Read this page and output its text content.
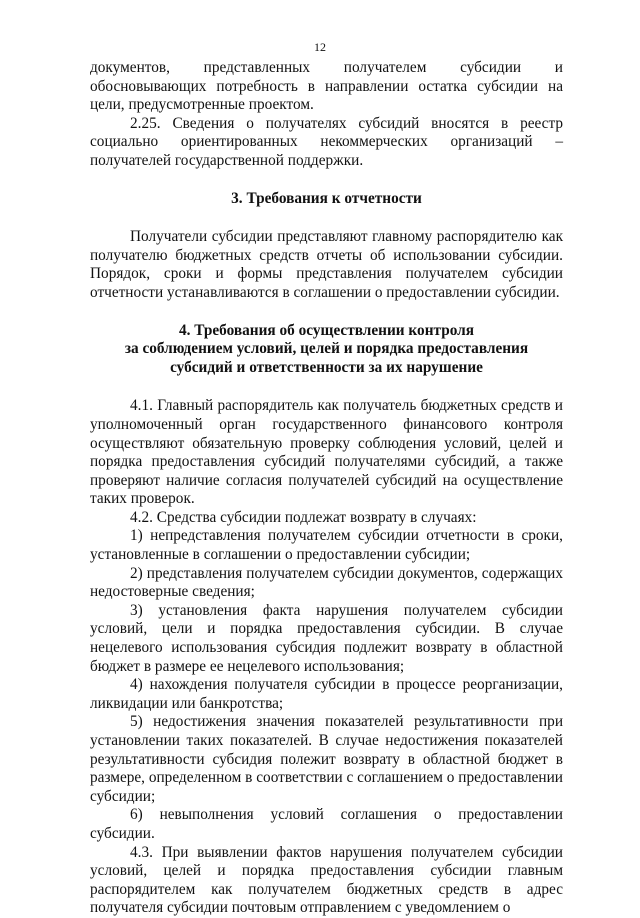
12

документов, представленных получателем субсидии и обосновывающих потребность в направлении остатка субсидии на цели, предусмотренные проектом.

2.25. Сведения о получателях субсидий вносятся в реестр социально ориентированных некоммерческих организаций – получателей государственной поддержки.

3. Требования к отчетности

Получатели субсидии представляют главному распорядителю как получателю бюджетных средств отчеты об использовании субсидии. Порядок, сроки и формы представления получателем субсидии отчетности устанавливаются в соглашении о предоставлении субсидии.

4. Требования об осуществлении контроля

за соблюдением условий, целей и порядка предоставления

субсидий и ответственности за их нарушение

4.1. Главный распорядитель как получатель бюджетных средств и уполномоченный орган государственного финансового контроля осуществляют обязательную проверку соблюдения условий, целей и порядка предоставления субсидий получателями субсидий, а также проверяют наличие согласия получателей субсидий на осуществление таких проверок.

4.2. Средства субсидии подлежат возврату в случаях:

1) непредставления получателем субсидии отчетности в сроки, установленные в соглашении о предоставлении субсидии;

2) представления получателем субсидии документов, содержащих недостоверные сведения;

3) установления факта нарушения получателем субсидии условий, цели и порядка предоставления субсидии. В случае нецелевого использования субсидия подлежит возврату в областной бюджет в размере ее нецелевого использования;

4) нахождения получателя субсидии в процессе реорганизации, ликвидации или банкротства;

5) недостижения значения показателей результативности при установлении таких показателей. В случае недостижения показателей результативности субсидия полежит возврату в областной бюджет в размере, определенном в соответствии с соглашением о предоставлении субсидии;

6) невыполнения условий соглашения о предоставлении субсидии.

4.3. При выявлении фактов нарушения получателем субсидии условий, целей и порядка предоставления субсидии главным распорядителем как получателем бюджетных средств в адрес получателя субсидии почтовым отправлением с уведомлением о
